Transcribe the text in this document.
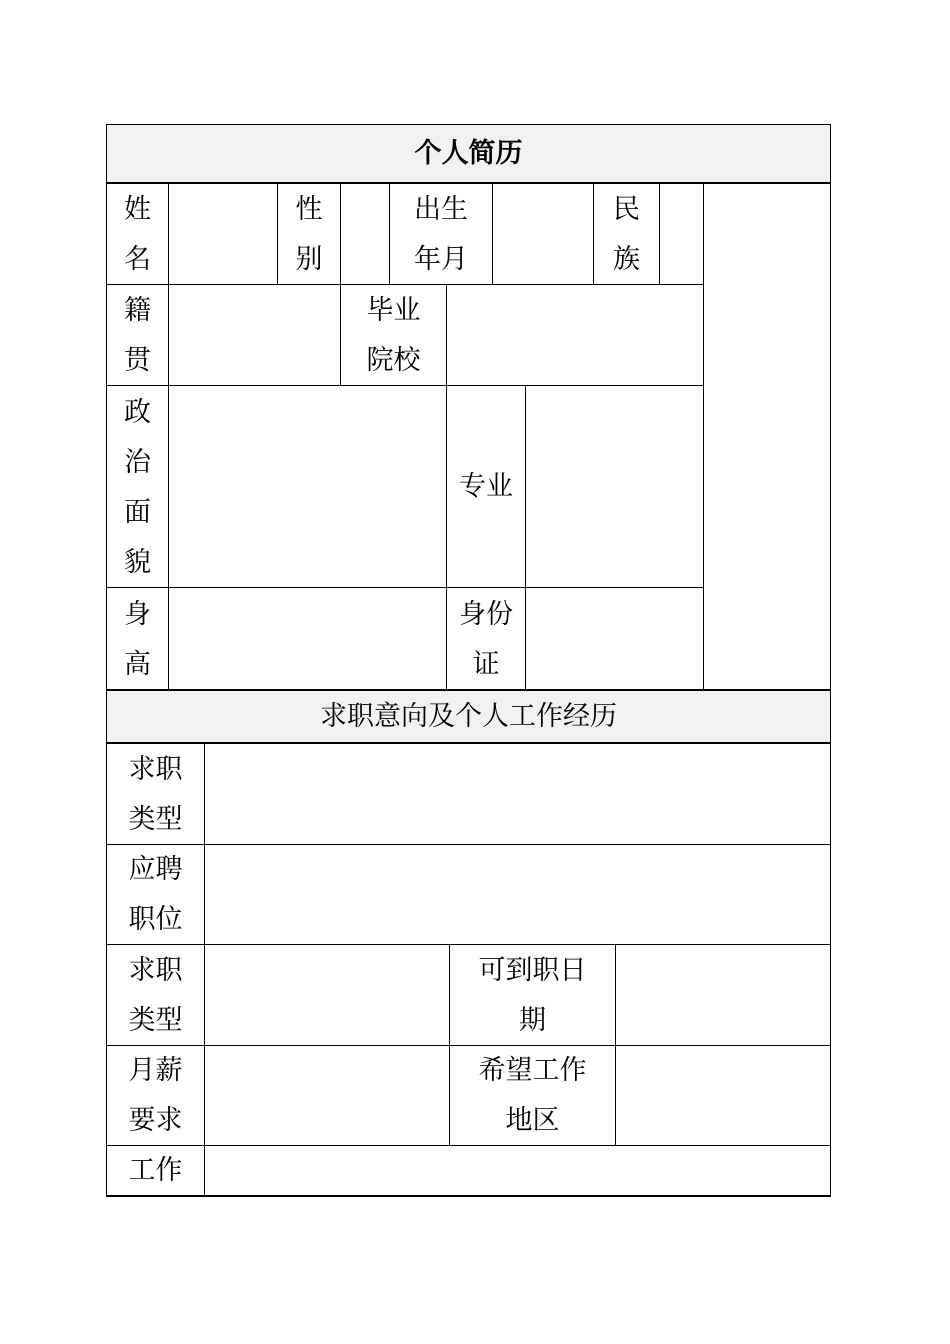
个人简历
姓
名
性
别
出生
年月
民
族
籍
贯
毕业
院校
政
治
面
貌
专业
身
高
身份
证
求职意向及个人工作经历
求职
类型
应聘
职位
求职
类型
可到职日
期
月薪
要求
希望工作
地区
工作
